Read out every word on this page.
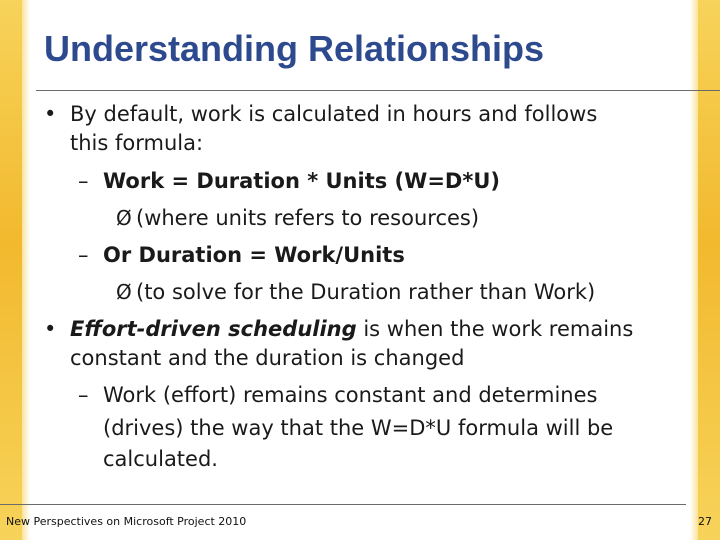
Understanding Relationships
• By default, work is calculated in hours and follows
this formula:
– Work = Duration * Units (W=D*U)
Ø (where units refers to resources)
– Or Duration = Work/Units
Ø (to solve for the Duration rather than Work)
• Effort-driven scheduling is when the work remains
constant and the duration is changed
– Work (effort) remains constant and determines
(drives) the way that the W=D*U formula will be
calculated.
New Perspectives on Microsoft Project 2010	27
